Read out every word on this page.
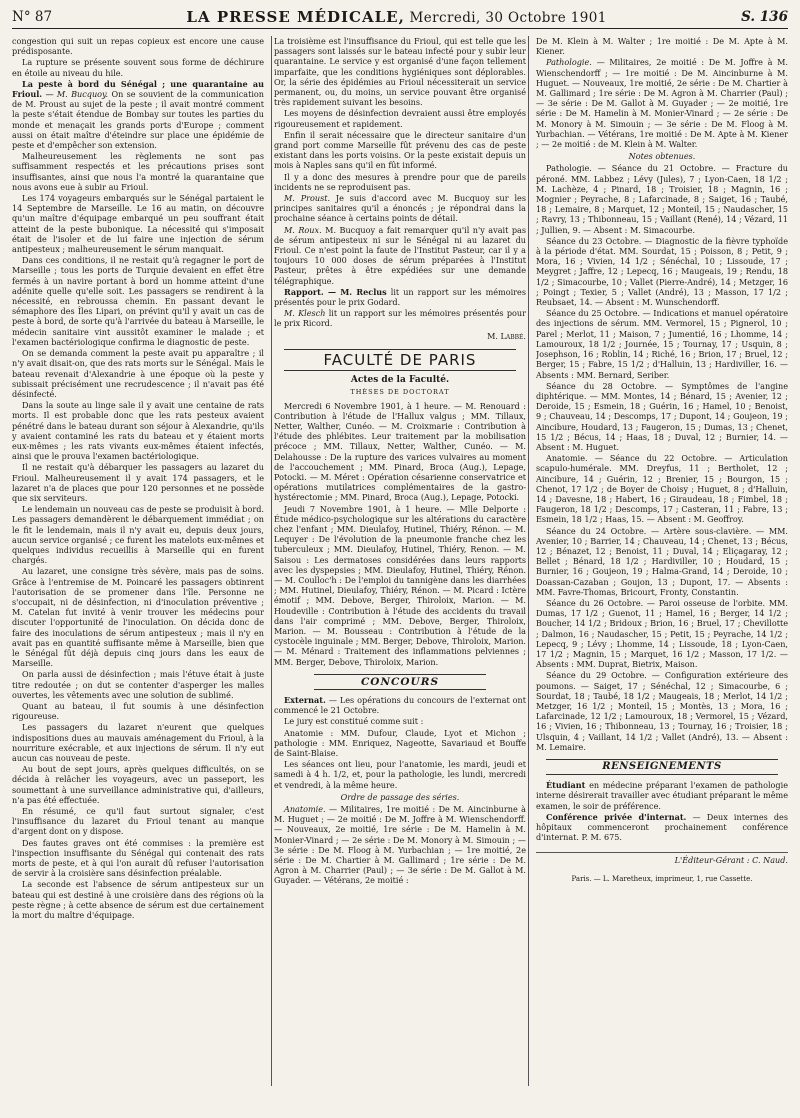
N° 87	LA PRESSE MÉDICALE, Mercredi, 30 Octobre 1901	S. 136

congestion qui suit un repas copieux est encore une cause prédisposante.

La rupture se présente souvent sous forme de déchirure en étoile au niveau du hile.

La peste à bord du Sénégal ; une quarantaine au Frioul. — M. Bucquoy. On se souvient de la communication de M. Proust au sujet de la peste ; il avait montré comment la peste s'était étendue de Bombay sur toutes les parties du monde et menaçait les grands ports d'Europe ; comment aussi on était maître d'éteindre sur place une épidémie de peste et d'empêcher son extension.

Malheureusement les règlements ne sont pas suffisamment respectés et les précautions prises sont insuffisantes, ainsi que nous l'a montré la quarantaine que nous avons eue à subir au Frioul.

Les 174 voyageurs embarqués sur le Sénégal partaient le 14 Septembre de Marseille. Le 16 au matin, on découvre qu'un maître d'équipage embarqué un peu souffrant était atteint de la peste bubonique. La nécessité qui s'imposait était de l'isoler et de lui faire une injection de sérum antipesteux ; malheureusement le sérum manquait.

Dans ces conditions, il ne restait qu'à regagner le port de Marseille ; tous les ports de Turquie devaient en effet être fermés à un navire portant à bord un homme atteint d'une adénite quelle qu'elle soit. Les passagers se rendirent à la nécessité, en rebroussa chemin. En passant devant le sémaphore des Îles Lipari, on prévint qu'il y avait un cas de peste à bord, de sorte qu'à l'arrivée du bateau à Marseille, le médecin sanitaire vint aussitôt examiner le malade ; et l'examen bactériologique confirma le diagnostic de peste.

On se demanda comment la peste avait pu apparaître ; il n'y avait disait-on, que des rats morts sur le Sénégal. Mais le bateau revenait d'Alexandrie à une époque où la peste y subissait précisément une recrudescence ; il n'avait pas été désinfecté.

Dans la soute au linge sale il y avait une centaine de rats morts. Il est probable donc que les rats pesteux avaient pénétré dans le bateau durant son séjour à Alexandrie, qu'ils y avaient contaminé les rats du bateau et y étaient morts eux-mêmes ; les rats vivants eux-mêmes étaient infectés, ainsi que le prouva l'examen bactériologique.

Il ne restait qu'à débarquer les passagers au lazaret du Frioul. Malheureusement il y avait 174 passagers, et le lazaret n'a de places que pour 120 personnes et ne possède que six serviteurs.

Le lendemain un nouveau cas de peste se produisit à bord. Les passagers demandèrent le débarquement immédiat ; on le fit le lendemain, mais il n'y avait eu, depuis deux jours, aucun service organisé ; ce furent les matelots eux-mêmes et quelques individus recueillis à Marseille qui en furent chargés.

Au lazaret, une consigne très sévère, mais pas de soins. Grâce à l'entremise de M. Poincaré les passagers obtinrent l'autorisation de se promener dans l'île. Personne ne s'occupait, ni de désinfection, ni d'inoculation préventive ; M. Catelan fut invité à venir trouver les médecins pour discuter l'opportunité de l'inoculation. On décida donc de faire des inoculations de sérum antipesteux ; mais il n'y en avait pas en quantité suffisante même à Marseille, bien que le Sénégal fût déjà depuis cinq jours dans les eaux de Marseille.

On parla aussi de désinfection ; mais l'étuve était à juste titre redoutée ; on dut se contenter d'asperger les malles ouvertes, les vêtements avec une solution de sublimé.

Quant au bateau, il fut soumis à une désinfection rigoureuse.

Les passagers du lazaret n'eurent que quelques indispositions dues au mauvais aménagement du Frioul, à la nourriture exécrable, et aux injections de sérum. Il n'y eut aucun cas nouveau de peste.

Au bout de sept jours, après quelques difficultés, on se décida à relâcher les voyageurs, avec un passeport, les soumettant à une surveillance administrative qui, d'ailleurs, n'a pas été effectuée.

En résumé, ce qu'il faut surtout signaler, c'est l'insuffisance du lazaret du Frioul tenant au manque d'argent dont on y dispose.

Des fautes graves ont été commises : la première est l'inspection insuffisante du Sénégal qui contenait des rats morts de peste, et à qui l'on aurait dû refuser l'autorisation de servir à la croisière sans désinfection préalable.

La seconde est l'absence de sérum antipesteux sur un bateau qui est destiné à une croisière dans des régions où la peste règne ; à cette absence de sérum est due certainement la mort du maître d'équipage.

La troisième est l'insuffisance du Frioul, qui est telle que les passagers sont laissés sur le bateau infecté pour y subir leur quarantaine. Le service y est organisé d'une façon tellement imparfaite, que les conditions hygiéniques sont déplorables. Or, la série des épidémies au Frioul nécessiterait un service permanent, ou, du moins, un service pouvant être organisé très rapidement suivant les besoins.

Les moyens de désinfection devraient aussi être employés rigoureusement et rapidement.

Enfin il serait nécessaire que le directeur sanitaire d'un grand port comme Marseille fût prévenu des cas de peste existant dans les ports voisins. Or la peste existait depuis un mois à Naples sans qu'il en fût informé.

Il y a donc des mesures à prendre pour que de pareils incidents ne se reproduisent pas.

M. Proust. Je suis d'accord avec M. Bucquoy sur les principes sanitaires qu'il a énoncés ; je répondrai dans la prochaine séance à certains points de détail.

M. Roux. M. Bucquoy a fait remarquer qu'il n'y avait pas de sérum antipesteux ni sur le Sénégal ni au lazaret du Frioul. Ce n'est point la faute de l'Institut Pasteur, car il y a toujours 10 000 doses de sérum préparées à l'Institut Pasteur, prêtes à être expédiées sur une demande télégraphique.

Rapport. — M. Reclus lit un rapport sur les mémoires présentés pour le prix Godard.

M. Klesch lit un rapport sur les mémoires présentés pour le prix Ricord.

M. Labbé.
FACULTÉ DE PARIS
Actes de la Faculté.
THÈSES DE DOCTORAT

Mercredi 6 Novembre 1901, à 1 heure. — M. Renouard : Contribution à l'étude de l'Hallux valgus ; MM. Tillaux, Netter, Walther, Cunéo. — M. Croixmarie : Contribution à l'étude des phlébites. Leur traitement par la mobilisation précoce ; MM. Tillaux, Netter, Walther, Cunéo. — M. Delahousse : De la rupture des varices vulvaires au moment de l'accouchement ; MM. Pinard, Broca (Aug.), Lepage, Potocki. — M. Méret : Opération césarienne conservatrice et opérations mutilatrices complémentaires de la gastro-hystérectomie ; MM. Pinard, Broca (Aug.), Lepage, Potocki.

Jeudi 7 Novembre 1901, à 1 heure. — Mlle Delporte : Étude médico-psychologique sur les altérations du caractère chez l'enfant ; MM. Dieulafoy, Hutinel, Thiéry, Rénon. — M. Lequyer : De l'évolution de la pneumonie franche chez les tuberculeux ; MM. Dieulafoy, Hutinel, Thiéry, Renon. — M. Saisou : Les dermatoses considérées dans leurs rapports avec les dyspepsies ; MM. Dieulafoy, Hutinel, Thiéry, Rénon. — M. Coulloc'h : De l'emploi du tannigène dans les diarrhées ; MM. Hutinel, Dieulafoy, Thiéry, Rénon. — M. Picard : Ictère émotif ; MM. Debove, Berger, Thiroloix, Marion. — M. Houdeville : Contribution à l'étude des accidents du travail dans l'air comprimé ; MM. Debove, Berger, Thiroloix, Marion. — M. Bousseau : Contribution à l'étude de la cystocèle inguinale ; MM. Berger, Debove, Thiroloix, Marion. — M. Ménard : Traitement des inflammations pelviennes ; MM. Berger, Debove, Thiroloix, Marion.

CONCOURS

Externat. — Les opérations du concours de l'externat ont commencé le 21 Octobre.

Le jury est constitué comme suit :

Anatomie : MM. Dufour, Claude, Lyot et Michon ; pathologie : MM. Enriquez, Nageotte, Savariaud et Bouffe de Saint-Blaise.

Les séances ont lieu, pour l'anatomie, les mardi, jeudi et samedi à 4 h. 1/2, et, pour la pathologie, les lundi, mercredi et vendredi, à la même heure.

Ordre de passage des séries.

Anatomie. — Militaires, 1re moitié : De M. Aincinburne à M. Huguet ; — 2e moitié : De M. Joffre à M. Wienschendorff. — Nouveaux, 2e moitié, 1re série : De M. Hamelin à M. Monier-Vinard ; — 2e série : De M. Monory à M. Simouin ; — 3e série : De M. Floog à M. Yurbachian ; — 1re moitié, 2e série : De M. Chartier à M. Gallimard ; 1re série : De M. Agron à M. Charrier (Paul) ; — 3e série : De M. Gallot à M. Guyader. — Vétérans, 2e moitié :

De M. Klein à M. Walter ; 1re moitié : De M. Apte à M. Kiener.

Pathologie. — Militaires, 2e moitié : De M. Joffre à M. Wienschendorff ; — 1re moitié : De M. Aincinburne à M. Huguet. — Nouveaux, 1re moitié, 2e série : De M. Chartier à M. Gallimard ; 1re série : De M. Agron à M. Charrier (Paul) ; — 3e série : De M. Gallot à M. Guyader ; — 2e moitié, 1re série : De M. Hamelin à M. Monier-Vinard ; — 2e série : De M. Monory à M. Simouin ; — 3e série : De M. Floog à M. Yurbachian. — Vétérans, 1re moitié : De M. Apte à M. Kiener ; — 2e moitié : de M. Klein à M. Walter.

Notes obtenues.

Pathologie. — Séance du 21 Octobre. — Fracture du péroné. MM. Labbez ; Lévy (Jules), 7 ; Lyon-Caen, 18 1/2 ; M. Lachèze, 4 ; Pinard, 18 ; Troisier, 18 ; Magnin, 16 ; Mognier ; Peyrache, 8 ; Lafarcinade, 8 ; Saiget, 16 ; Taubé, 18 ; Lemaire, 8 ; Marquet, 12 ; Monteil, 15 ; Naudascher, 15 ; Ravry, 13 ; Thibonneau, 15 ; Vaillant (René), 14 ; Vézard, 11 ; Jullien, 9. — Absent : M. Simacourbe.

Séance du 23 Octobre. — Diagnostic de la fièvre typhoïde à la période d'état. MM. Sourdat, 15 ; Poisson, 8 ; Petit, 9 ; Mora, 16 ; Vivien, 14 1/2 ; Sénéchal, 10 ; Lissoude, 17 ; Meygret ; Jaffre, 12 ; Lepecq, 16 ; Maugeais, 19 ; Rendu, 18 1/2 ; Simacourbe, 10 ; Vallet (Pierre-André), 14 ; Metzger, 16 ; Poingt ; Texier, 5 ; Vallet (André), 13 ; Masson, 17 1/2 ; Reubsaet, 14. — Absent : M. Wunschendorff.

Séance du 25 Octobre. — Indications et manuel opératoire des injections de sérum. MM. Vermorel, 15 ; Pignerol, 10 ; Parel ; Merlot, 11 ; Maison, 7 ; Jumentié, 16 ; Lhomme, 14 ; Lamouroux, 18 1/2 ; Journée, 15 ; Tournay, 17 ; Usquin, 8 ; Josephson, 16 ; Roblin, 14 ; Riché, 16 ; Brion, 17 ; Bruel, 12 ; Berger, 15 ; Fabre, 15 1/2 ; d'Halluin, 13 ; Hardiviller, 16. — Absents : MM. Bernard, Seriber.

Séance du 28 Octobre. — Symptômes de l'angine diphtérique. — MM. Montes, 14 ; Bénard, 15 ; Avenier, 12 ; Deroide, 15 ; Esmein, 18 ; Guérin, 16 ; Hamel, 10 ; Benoist, 9 ; Chauveau, 14 ; Descomps, 17 ; Dupont, 14 ; Goujeon, 19 ; Aincibure, Houdard, 13 ; Faugeron, 15 ; Dumas, 13 ; Chenet, 15 1/2 ; Bécus, 14 ; Haas, 18 ; Duval, 12 ; Burnier, 14. — Absent : M. Huguet.

Anatomie. — Séance du 22 Octobre. — Articulation scapulo-humérale. MM. Dreyfus, 11 ; Bertholet, 12 ; Aincibure, 14 ; Guérin, 12 ; Brenier, 15 ; Bourgon, 15 ; Chenot, 17 1/2 ; de Boyer de Choisy ; Huguet, 8 ; d'Halluin, 14 ; Davesne, 18 ; Habert, 16 ; Giraudeau, 18 ; Fimbel, 18 ; Faugeron, 18 1/2 ; Descomps, 17 ; Casteran, 11 ; Fabre, 13 ; Esmein, 18 1/2 ; Haas, 15. — Absent : M. Geoffroy.

Séance du 24 Octobre. — Artère sous-clavière. — MM. Avenier, 10 ; Barrier, 14 ; Chauveau, 14 ; Chenet, 13 ; Bécus, 12 ; Bénazet, 12 ; Benoist, 11 ; Duval, 14 ; Eliçagaray, 12 ; Bellet ; Bénard, 18 1/2 ; Hardiviller, 10 ; Houdard, 15 ; Burnier, 16 ; Goujeon, 19 ; Halma-Grand, 14 ; Deroide, 10 ; Doassan-Cazaban ; Goujon, 13 ; Dupont, 17. — Absents : MM. Favre-Thomas, Bricourt, Fronty, Constantin.

Séance du 26 Octobre. — Paroi osseuse de l'orbite. MM. Dumas, 17 1/2 ; Guenot, 11 ; Hamel, 16 ; Berger, 14 1/2 ; Boucher, 14 1/2 ; Bridoux ; Brion, 16 ; Bruel, 17 ; Chevillotte ; Dalmon, 16 ; Naudascher, 15 ; Petit, 15 ; Peyrache, 14 1/2 ; Lepecq, 9 ; Lévy ; Lhomme, 14 ; Lissoude, 18 ; Lyon-Caen, 17 1/2 ; Magnin, 15 ; Marquet, 16 1/2 ; Masson, 17 1/2. — Absents : MM. Duprat, Bietrix, Maison.

Séance du 29 Octobre. — Configuration extérieure des poumons. — Saiget, 17 ; Sénéchal, 12 ; Simacourbe, 6 ; Sourdat, 18 ; Taubé, 18 1/2 ; Maugeais, 18 ; Merlot, 14 1/2 ; Metzger, 16 1/2 ; Monteil, 15 ; Montès, 13 ; Mora, 16 ; Lafarcinade, 12 1/2 ; Lamouroux, 18 ; Vermorel, 15 ; Vézard, 16 ; Vivien, 16 ; Thibonneau, 13 ; Tournay, 16 ; Troisier, 18 ; Ulsquin, 4 ; Vaillant, 14 1/2 ; Vallet (André), 13. — Absent : M. Lemaire.

RENSEIGNEMENTS

Étudiant en médecine préparant l'examen de pathologie interne désirerait travailler avec étudiant préparant le même examen, le soir de préférence.

Conférence privée d'internat. — Deux internes des hôpitaux commenceront prochainement conférence d'internat. P. M. 675.

L'Éditeur-Gérant : C. Naud.
Paris. — L. Maretheux, imprimeur, 1, rue Cassette.
